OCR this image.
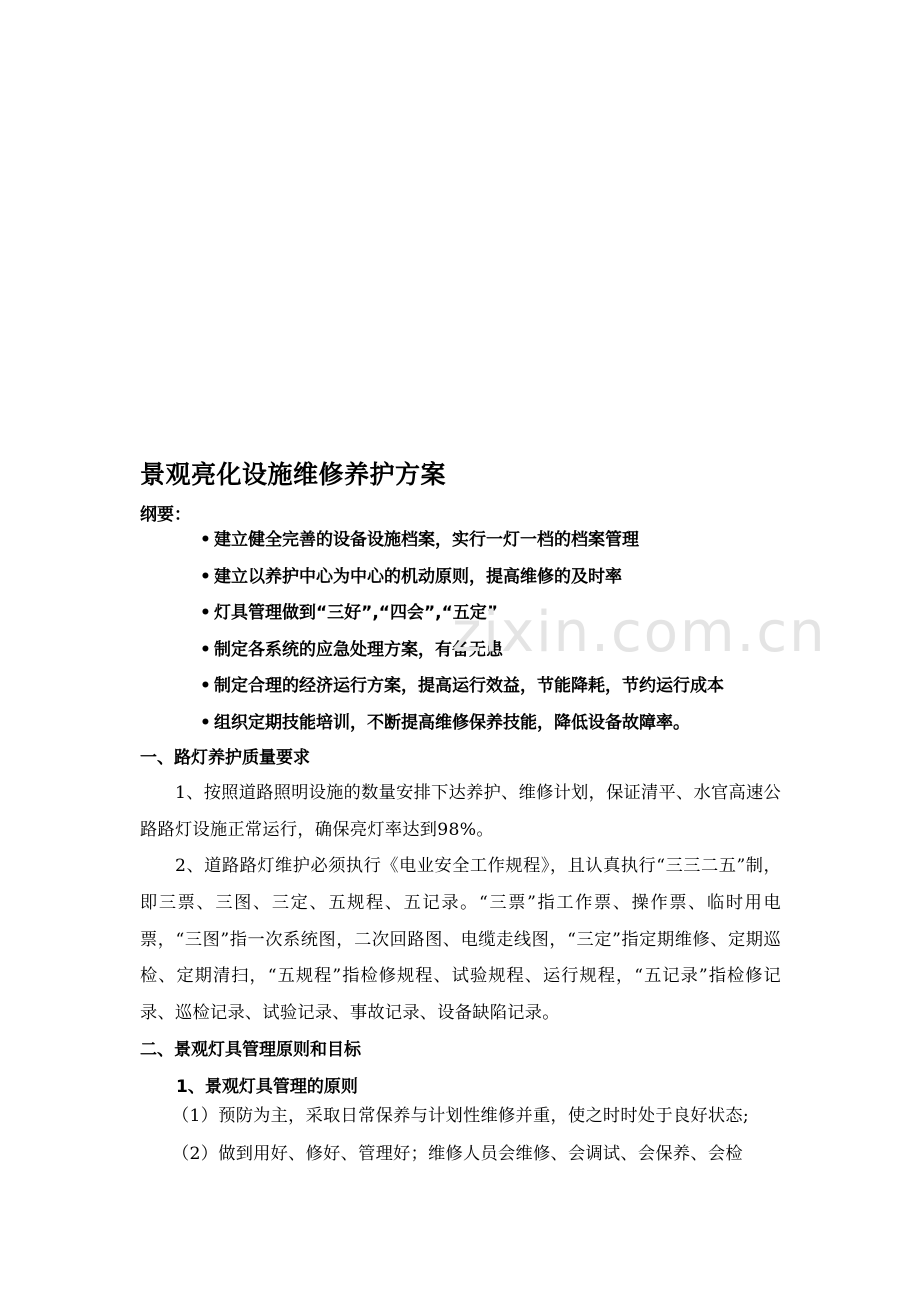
景观亮化设施维修养护方案
纲要：
• 建立健全完善的设备设施档案，实行一灯一档的档案管理
• 建立以养护中心为中心的机动原则，提高维修的及时率
• 灯具管理做到“三好”,“四会”,“五定”
• 制定各系统的应急处理方案，有备无患
• 制定合理的经济运行方案，提高运行效益，节能降耗，节约运行成本
• 组织定期技能培训，不断提高维修保养技能，降低设备故障率。
一、路灯养护质量要求

1、按照道路照明设施的数量安排下达养护、维修计划，保证清平、水官高速公路路灯设施正常运行，确保亮灯率达到98%。

2、道路路灯维护必须执行《电业安全工作规程》，且认真执行“三三二五”制，即三票、三图、三定、五规程、五记录。“三票”指工作票、操作票、临时用电票，“三图”指一次系统图，二次回路图、电缆走线图，“三定”指定期维修、定期巡检、定期清扫，“五规程”指检修规程、试验规程、运行规程，“五记录”指检修记录、巡检记录、试验记录、事故记录、设备缺陷记录。

二、景观灯具管理原则和目标
1、景观灯具管理的原则

（1）预防为主，采取日常保养与计划性维修并重，使之时时处于良好状态;

（2）做到用好、修好、管理好；维修人员会维修、会调试、会保养、会检

zixin.com.cn
